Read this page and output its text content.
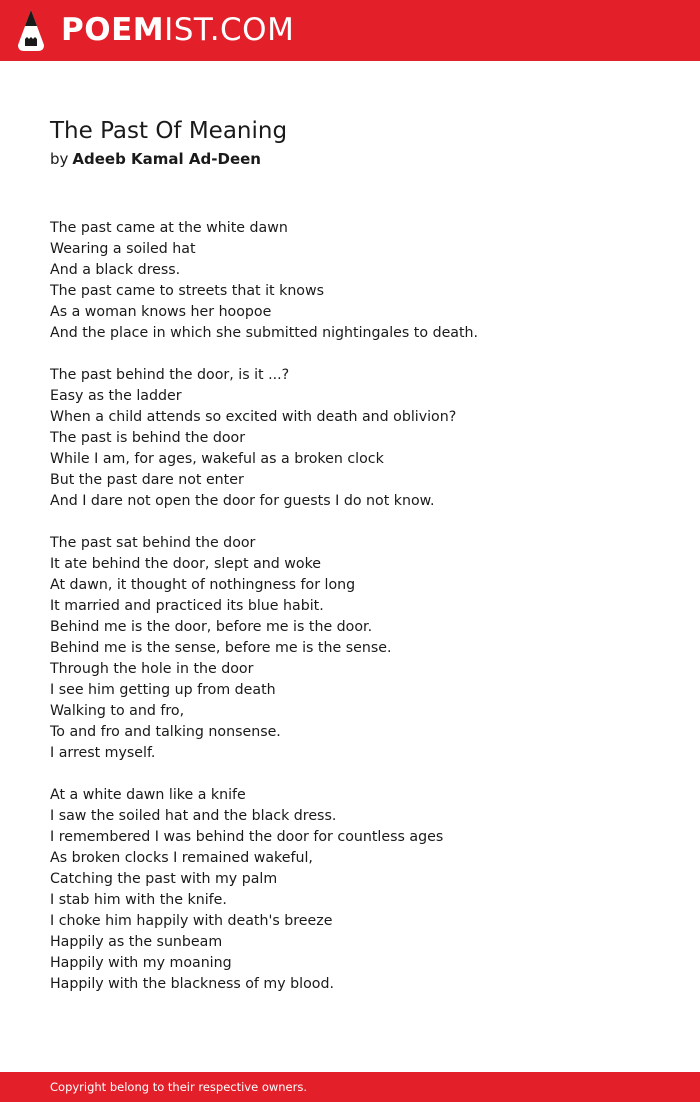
POEMIST.COM
The Past Of Meaning
by Adeeb Kamal Ad-Deen
The past came at the white dawn
Wearing a soiled hat
And a black dress.
The past came to streets that it knows
As a woman knows her hoopoe
And the place in which she submitted nightingales to death.
The past behind the door, is it ...?
Easy as the ladder
When a child attends so excited with death and oblivion?
The past is behind the door
While I am, for ages, wakeful as a broken clock
But the past dare not enter
And I dare not open the door for guests I do not know.
The past sat behind the door
It ate behind the door, slept and woke
At dawn, it thought of nothingness for long
It married and practiced its blue habit.
Behind me is the door, before me is the door.
Behind me is the sense, before me is the sense.
Through the hole in the door
I see him getting up from death
Walking to and fro,
To and fro and talking nonsense.
I arrest myself.
At a white dawn like a knife
I saw the soiled hat and the black dress.
I remembered I was behind the door for countless ages
As broken clocks I remained wakeful,
Catching the past with my palm
I stab him with the knife.
I choke him happily with death's breeze
Happily as the sunbeam
Happily with my moaning
Happily with the blackness of my blood.
Copyright belong to their respective owners.
